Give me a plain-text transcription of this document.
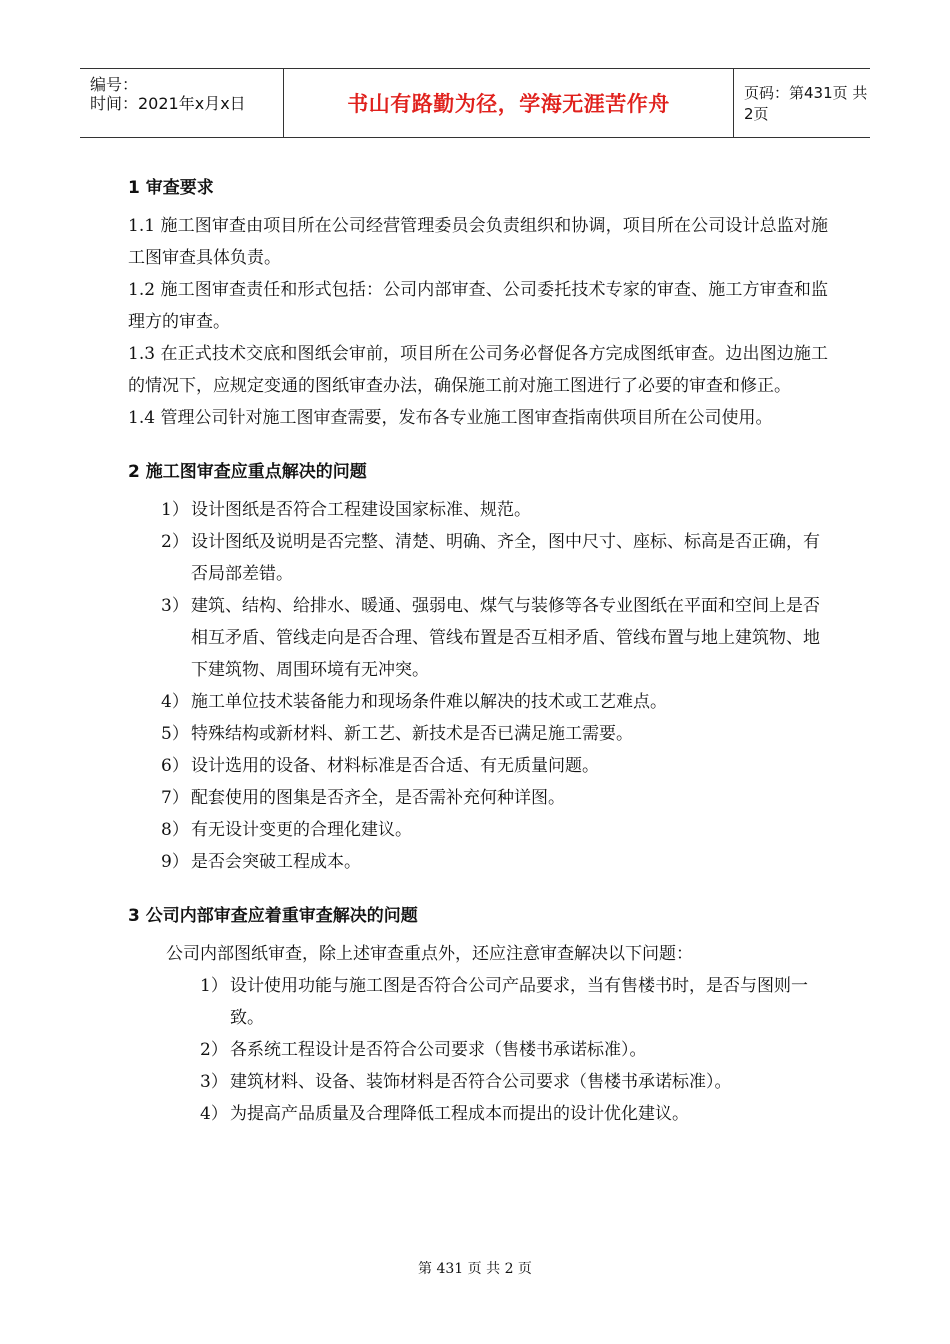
编号：
时间：2021年x月x日	书山有路勤为径，学海无涯苦作舟	页码：第431页 共2页
1 审查要求

1.1 施工图审查由项目所在公司经营管理委员会负责组织和协调，项目所在公司设计总监对施工图审查具体负责。

1.2 施工图审查责任和形式包括：公司内部审查、公司委托技术专家的审查、施工方审查和监理方的审查。

1.3 在正式技术交底和图纸会审前，项目所在公司务必督促各方完成图纸审查。边出图边施工的情况下，应规定变通的图纸审查办法，确保施工前对施工图进行了必要的审查和修正。

1.4 管理公司针对施工图审查需要，发布各专业施工图审查指南供项目所在公司使用。

2 施工图审查应重点解决的问题
1） 设计图纸是否符合工程建设国家标准、规范。
2） 设计图纸及说明是否完整、清楚、明确、齐全，图中尺寸、座标、标高是否正确，有否局部差错。
3） 建筑、结构、给排水、暖通、强弱电、煤气与装修等各专业图纸在平面和空间上是否相互矛盾、管线走向是否合理、管线布置是否互相矛盾、管线布置与地上建筑物、地下建筑物、周围环境有无冲突。
4） 施工单位技术装备能力和现场条件难以解决的技术或工艺难点。
5） 特殊结构或新材料、新工艺、新技术是否已满足施工需要。
6） 设计选用的设备、材料标准是否合适、有无质量问题。
7） 配套使用的图集是否齐全，是否需补充何种详图。
8） 有无设计变更的合理化建议。
9） 是否会突破工程成本。
3 公司内部审查应着重审查解决的问题

公司内部图纸审查，除上述审查重点外，还应注意审查解决以下问题：

1） 设计使用功能与施工图是否符合公司产品要求，当有售楼书时，是否与图则一致。
2） 各系统工程设计是否符合公司要求（售楼书承诺标准）。
3） 建筑材料、设备、装饰材料是否符合公司要求（售楼书承诺标准）。
4） 为提高产品质量及合理降低工程成本而提出的设计优化建议。
第 431 页 共 2 页
